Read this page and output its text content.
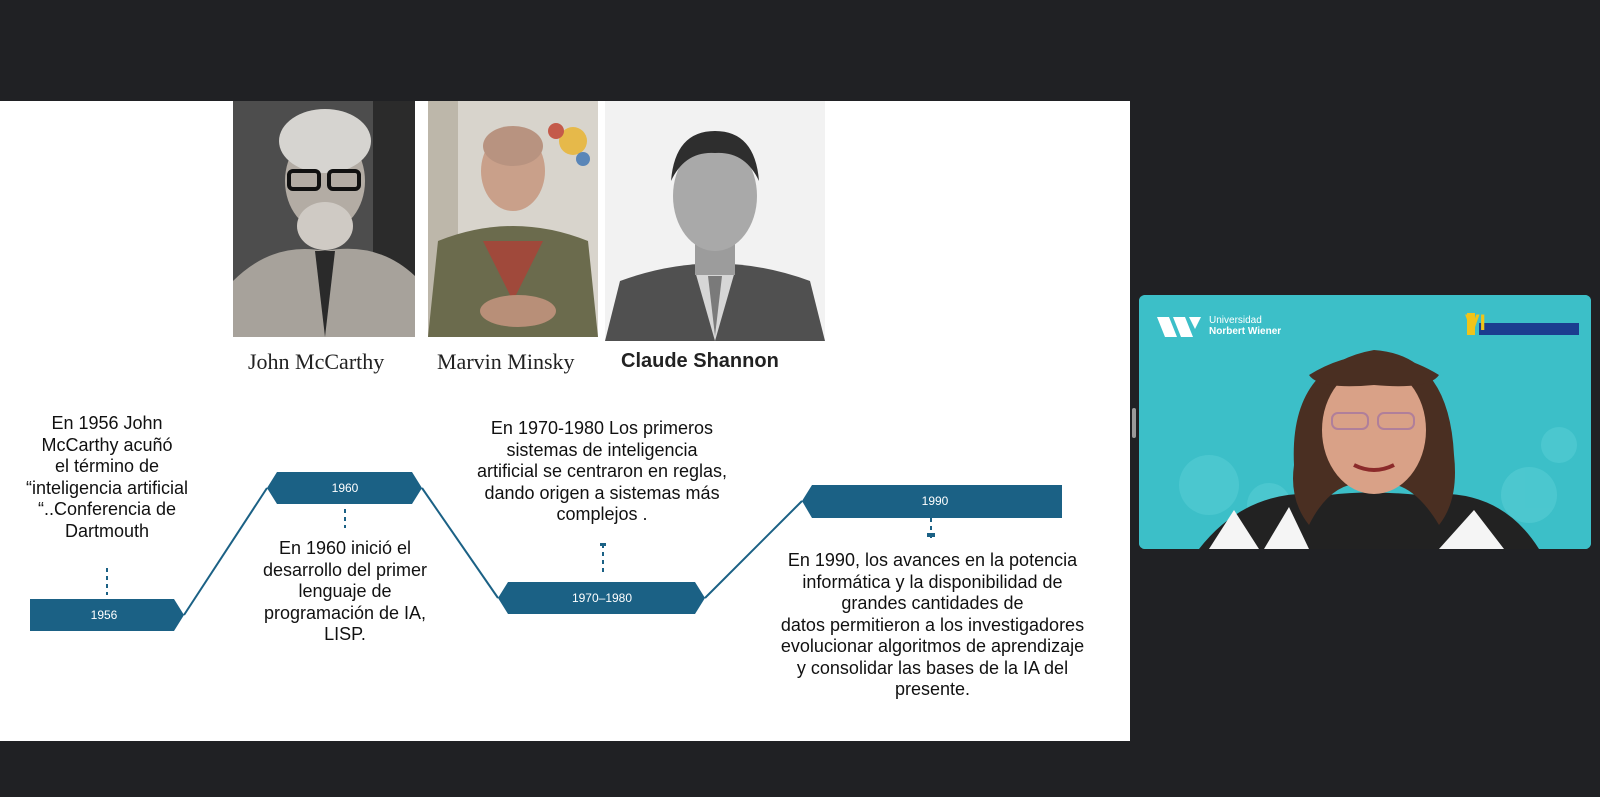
John McCarthy Marvin Minsky Claude Shannon
1956
1960
1970–1980
1990
En 1956 John
McCarthy acuñó
el término de
“inteligencia artificial
“..Conferencia de
Dartmouth
En 1960 inició el
desarrollo del primer
lenguaje de
programación de IA,
LISP.
En 1970-1980 Los primeros
sistemas de inteligencia
artificial se centraron en reglas,
dando origen a sistemas más
complejos .
En 1990, los avances en la potencia
informática y la disponibilidad de
grandes cantidades de
datos permitieron a los investigadores
evolucionar algoritmos de aprendizaje
y consolidar las bases de la IA del
presente.
Universidad
Norbert Wiener	VI
